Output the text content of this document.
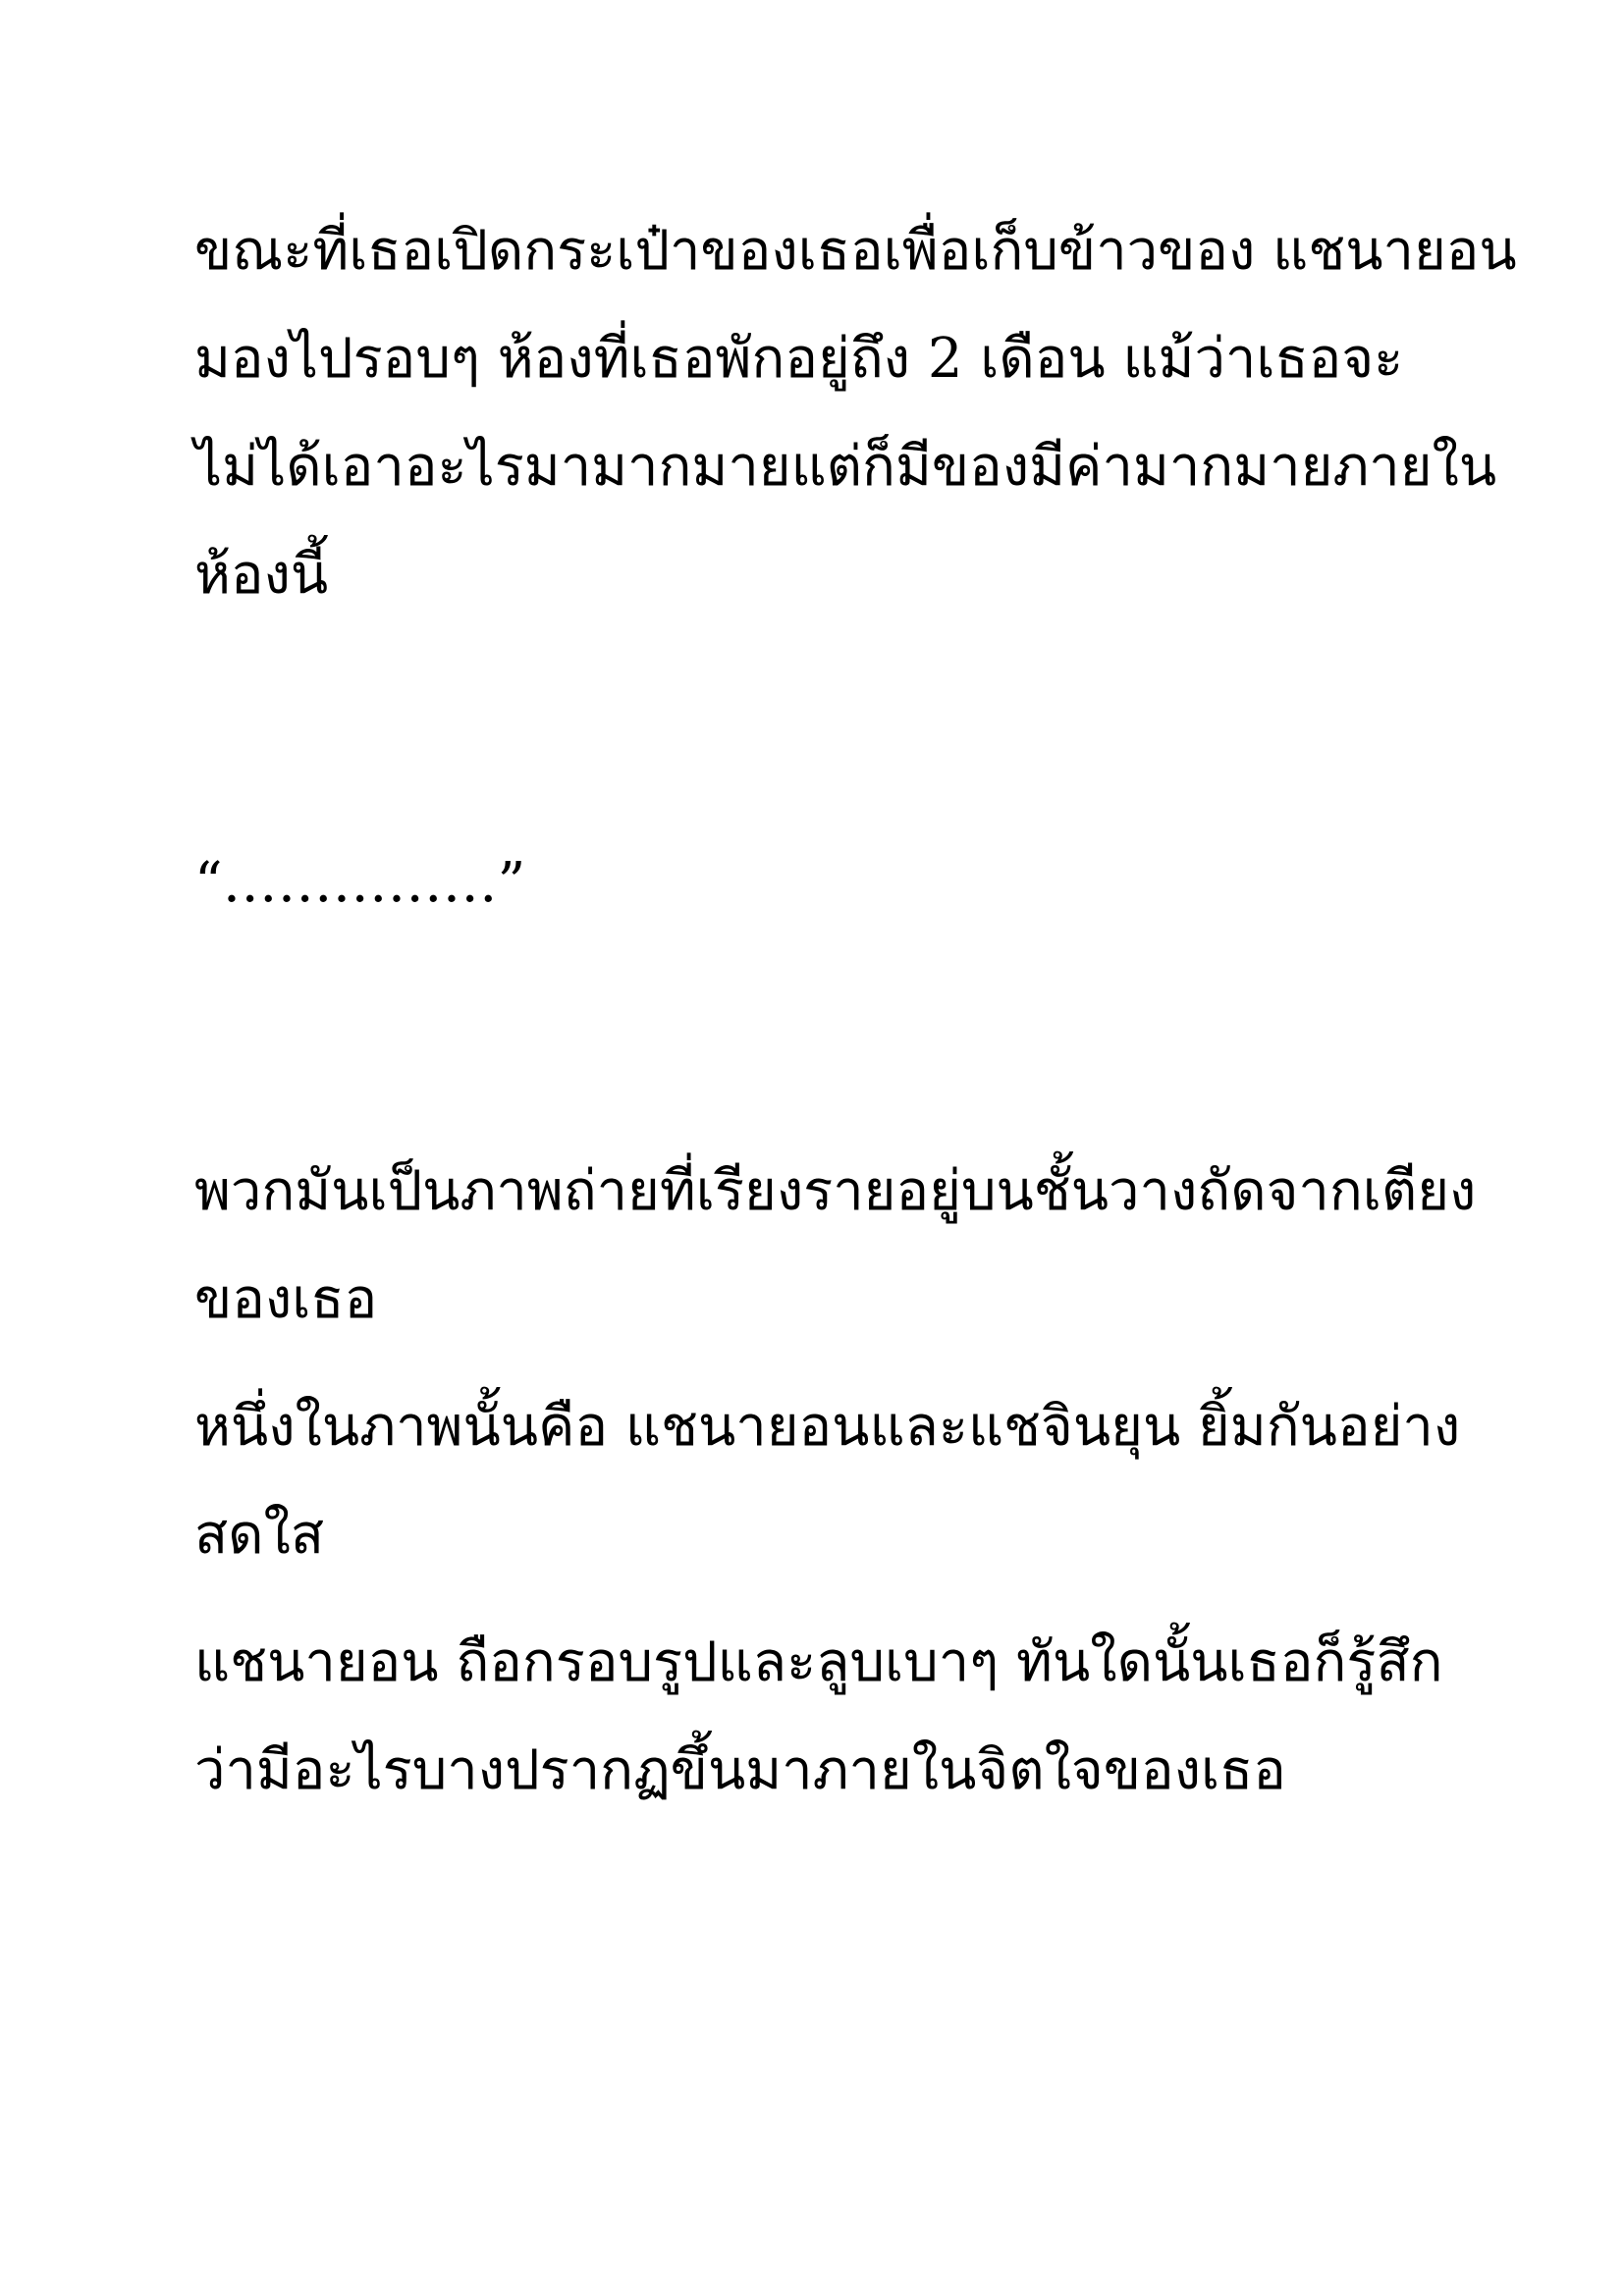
ขณะที่เธอเปิดกระเป๋าของเธอเพื่อเก็บข้าวของ แชนายอน

มองไปรอบๆ ห้องที่เธอพักอยู่ถึง 2 เดือน แม้ว่าเธอจะ

ไม่ได้เอาอะไรมามากมายแต่ก็มีของมีค่ามากมายภายใน

ห้องนี้

“……………”

พวกมันเป็นภาพถ่ายที่เรียงรายอยู่บนชั้นวางถัดจากเตียง

ของเธอ

หนึ่งในภาพนั้นคือ แชนายอนและแชจินยุน ยิ้มกันอย่าง

สดใส

แชนายอน ถือกรอบรูปและลูบเบาๆ ทันใดนั้นเธอก็รู้สึก

ว่ามีอะไรบางปรากฏขึ้นมาภายในจิตใจของเธอ
